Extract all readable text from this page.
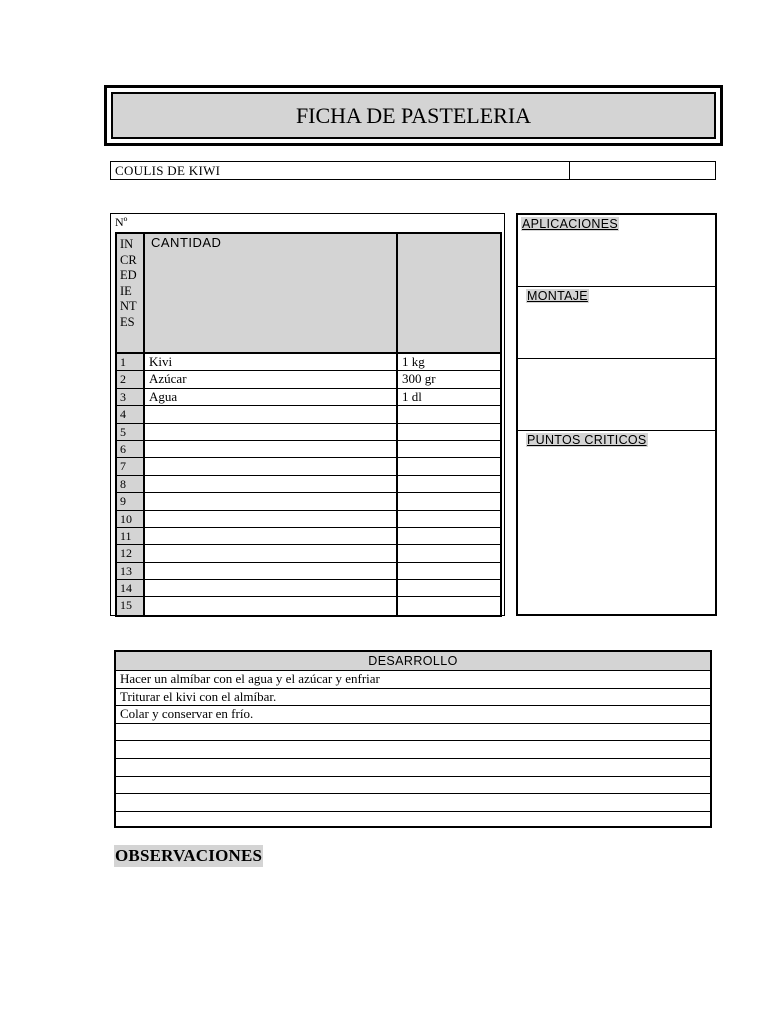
FICHA DE PASTELERIA
COULIS DE KIWI
Nº
IN
CR
ED
IE
NT
ES
CANTIDAD
1	Kivi	1 kg
2	Azúcar	300 gr
3	Agua	1 dl
4
5
6
7
8
9
10
11
12
13
14
15
APLICACIONES
MONTAJE
PUNTOS CRITICOS
DESARROLLO
Hacer un almíbar con el agua y el azúcar y enfriar
Triturar el kivi con el almíbar.
Colar y conservar en frío.
OBSERVACIONES
